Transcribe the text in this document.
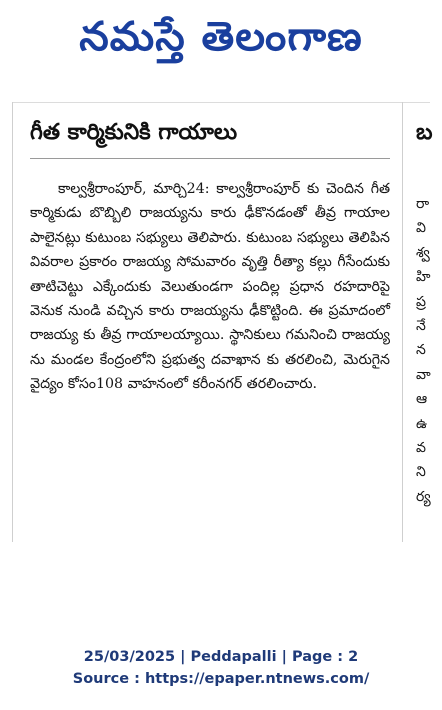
నమస్తే తెలంగాణ
గీత కార్మికునికి గాయాలు

కాల్వశ్రీరాంపూర్, మార్చి24: కాల్వశ్రీరాంపూర్ కు చెందిన గీత కార్మికుడు బొబ్బిలి రాజయ్యను కారు ఢీకొనడంతో తీవ్ర గాయాల పాలైనట్లు కుటుంబ సభ్యులు తెలిపారు. కుటుంబ సభ్యులు తెలిపిన వివరాల ప్రకారం రాజయ్య సోమవారం వృత్తి రీత్యా కల్లు గీసేందుకు తాటిచెట్టు ఎక్కేందుకు వెలుతుండగా పందిల్ల ప్రధాన రహదారిపై వెనుక నుండి వచ్చిన కారు రాజయ్యను ఢీకొట్టింది. ఈ ప్రమాదంలో రాజయ్య కు తీవ్ర గాయాలయ్యాయి. స్థానికులు గమనించి రాజయ్యను మండల కేంద్రంలోని ప్రభుత్వ దవాఖాన కు తరలించి, మెరుగైన వైద్యం కోసం108 వాహనంలో కరీంనగర్ తరలించారు.

బ
రా
వి
శ్వ
హి
ప్ర
నే
న
వా
ఆ
ఉ
వ
ని
ర్య
25/03/2025 | Peddapalli | Page : 2
Source : https://epaper.ntnews.com/
